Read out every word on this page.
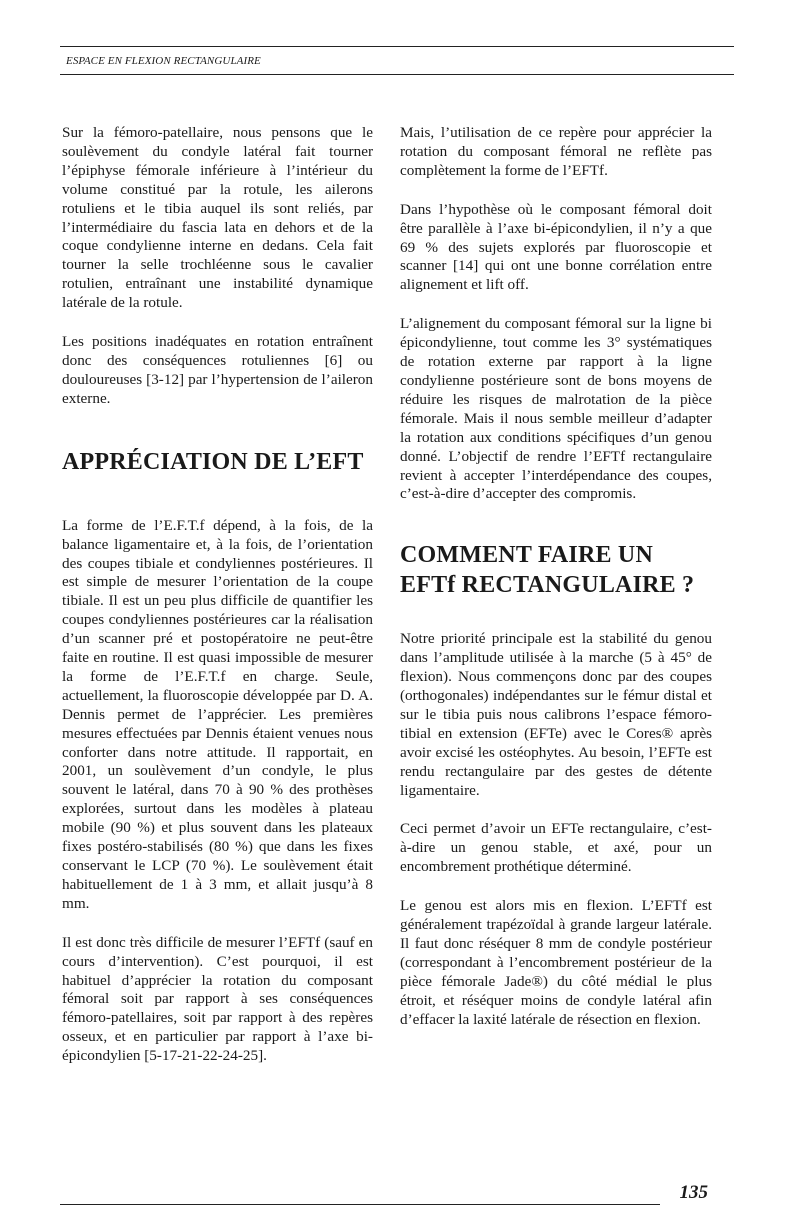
ESPACE EN FLEXION RECTANGULAIRE

Sur la fémoro-patellaire, nous pensons que le soulèvement du condyle latéral fait tourner l’épiphyse fémorale inférieure à l’intérieur du volume constitué par la rotule, les ailerons rotuliens et le tibia auquel ils sont reliés, par l’intermédiaire du fascia lata en dehors et de la coque condylienne interne en dedans. Cela fait tourner la selle trochléenne sous le cavalier rotulien, entraînant une instabilité dynamique latérale de la rotule.

Les positions inadéquates en rotation entraînent donc des conséquences rotuliennes [6] ou douloureuses [3-12] par l’hypertension de l’aileron externe.

APPRÉCIATION DE L’EFT

La forme de l’E.F.T.f dépend, à la fois, de la balance ligamentaire et, à la fois, de l’orientation des coupes tibiale et condyliennes postérieures. Il est simple de mesurer l’orientation de la coupe tibiale. Il est un peu plus difficile de quantifier les coupes condyliennes postérieures car la réalisation d’un scanner pré et postopératoire ne peut-être faite en routine. Il est quasi impossible de mesurer la forme de l’E.F.T.f en charge. Seule, actuellement, la fluoroscopie développée par D. A. Dennis permet de l’apprécier. Les premières mesures effectuées par Dennis étaient venues nous conforter dans notre attitude. Il rapportait, en 2001, un soulèvement d’un condyle, le plus souvent le latéral, dans 70 à 90 % des prothèses explorées, surtout dans les modèles à plateau mobile (90 %) et plus souvent dans les plateaux fixes postéro-stabilisés (80 %) que dans les fixes conservant le LCP (70 %). Le soulèvement était habituellement de 1 à 3 mm, et allait jusqu’à 8 mm.

Il est donc très difficile de mesurer l’EFTf (sauf en cours d’intervention). C’est pourquoi, il est habituel d’apprécier la rotation du composant fémoral soit par rapport à ses conséquences fémoro-patellaires, soit par rapport à des repères osseux, et en particulier par rapport à l’axe bi-épicondylien [5-17-21-22-24-25].

Mais, l’utilisation de ce repère pour apprécier la rotation du composant fémoral ne reflète pas complètement la forme de l’EFTf.

Dans l’hypothèse où le composant fémoral doit être parallèle à l’axe bi-épicondylien, il n’y a que 69 % des sujets explorés par fluoroscopie et scanner [14] qui ont une bonne corrélation entre alignement et lift off.

L’alignement du composant fémoral sur la ligne bi épicondylienne, tout comme les 3° systématiques de rotation externe par rapport à la ligne condylienne postérieure sont de bons moyens de réduire les risques de malrotation de la pièce fémorale. Mais il nous semble meilleur d’adapter la rotation aux conditions spécifiques d’un genou donné. L’objectif de rendre l’EFTf rectangulaire revient à accepter l’interdépendance des coupes, c’est-à-dire d’accepter des compromis.

COMMENT FAIRE UN
EFTf RECTANGULAIRE ?

Notre priorité principale est la stabilité du genou dans l’amplitude utilisée à la marche (5 à 45° de flexion). Nous commençons donc par des coupes (orthogonales) indépendantes sur le fémur distal et sur le tibia puis nous calibrons l’espace fémoro-tibial en extension (EFTe) avec le Cores® après avoir excisé les ostéophytes. Au besoin, l’EFTe est rendu rectangulaire par des gestes de détente ligamentaire.

Ceci permet d’avoir un EFTe rectangulaire, c’est-à-dire un genou stable, et axé, pour un encombrement prothétique déterminé.

Le genou est alors mis en flexion. L’EFTf est généralement trapézoïdal à grande largeur latérale. Il faut donc réséquer 8 mm de condyle postérieur (correspondant à l’encombrement postérieur de la pièce fémorale Jade®) du côté médial le plus étroit, et réséquer moins de condyle latéral afin d’effacer la laxité latérale de résection en flexion.

135
